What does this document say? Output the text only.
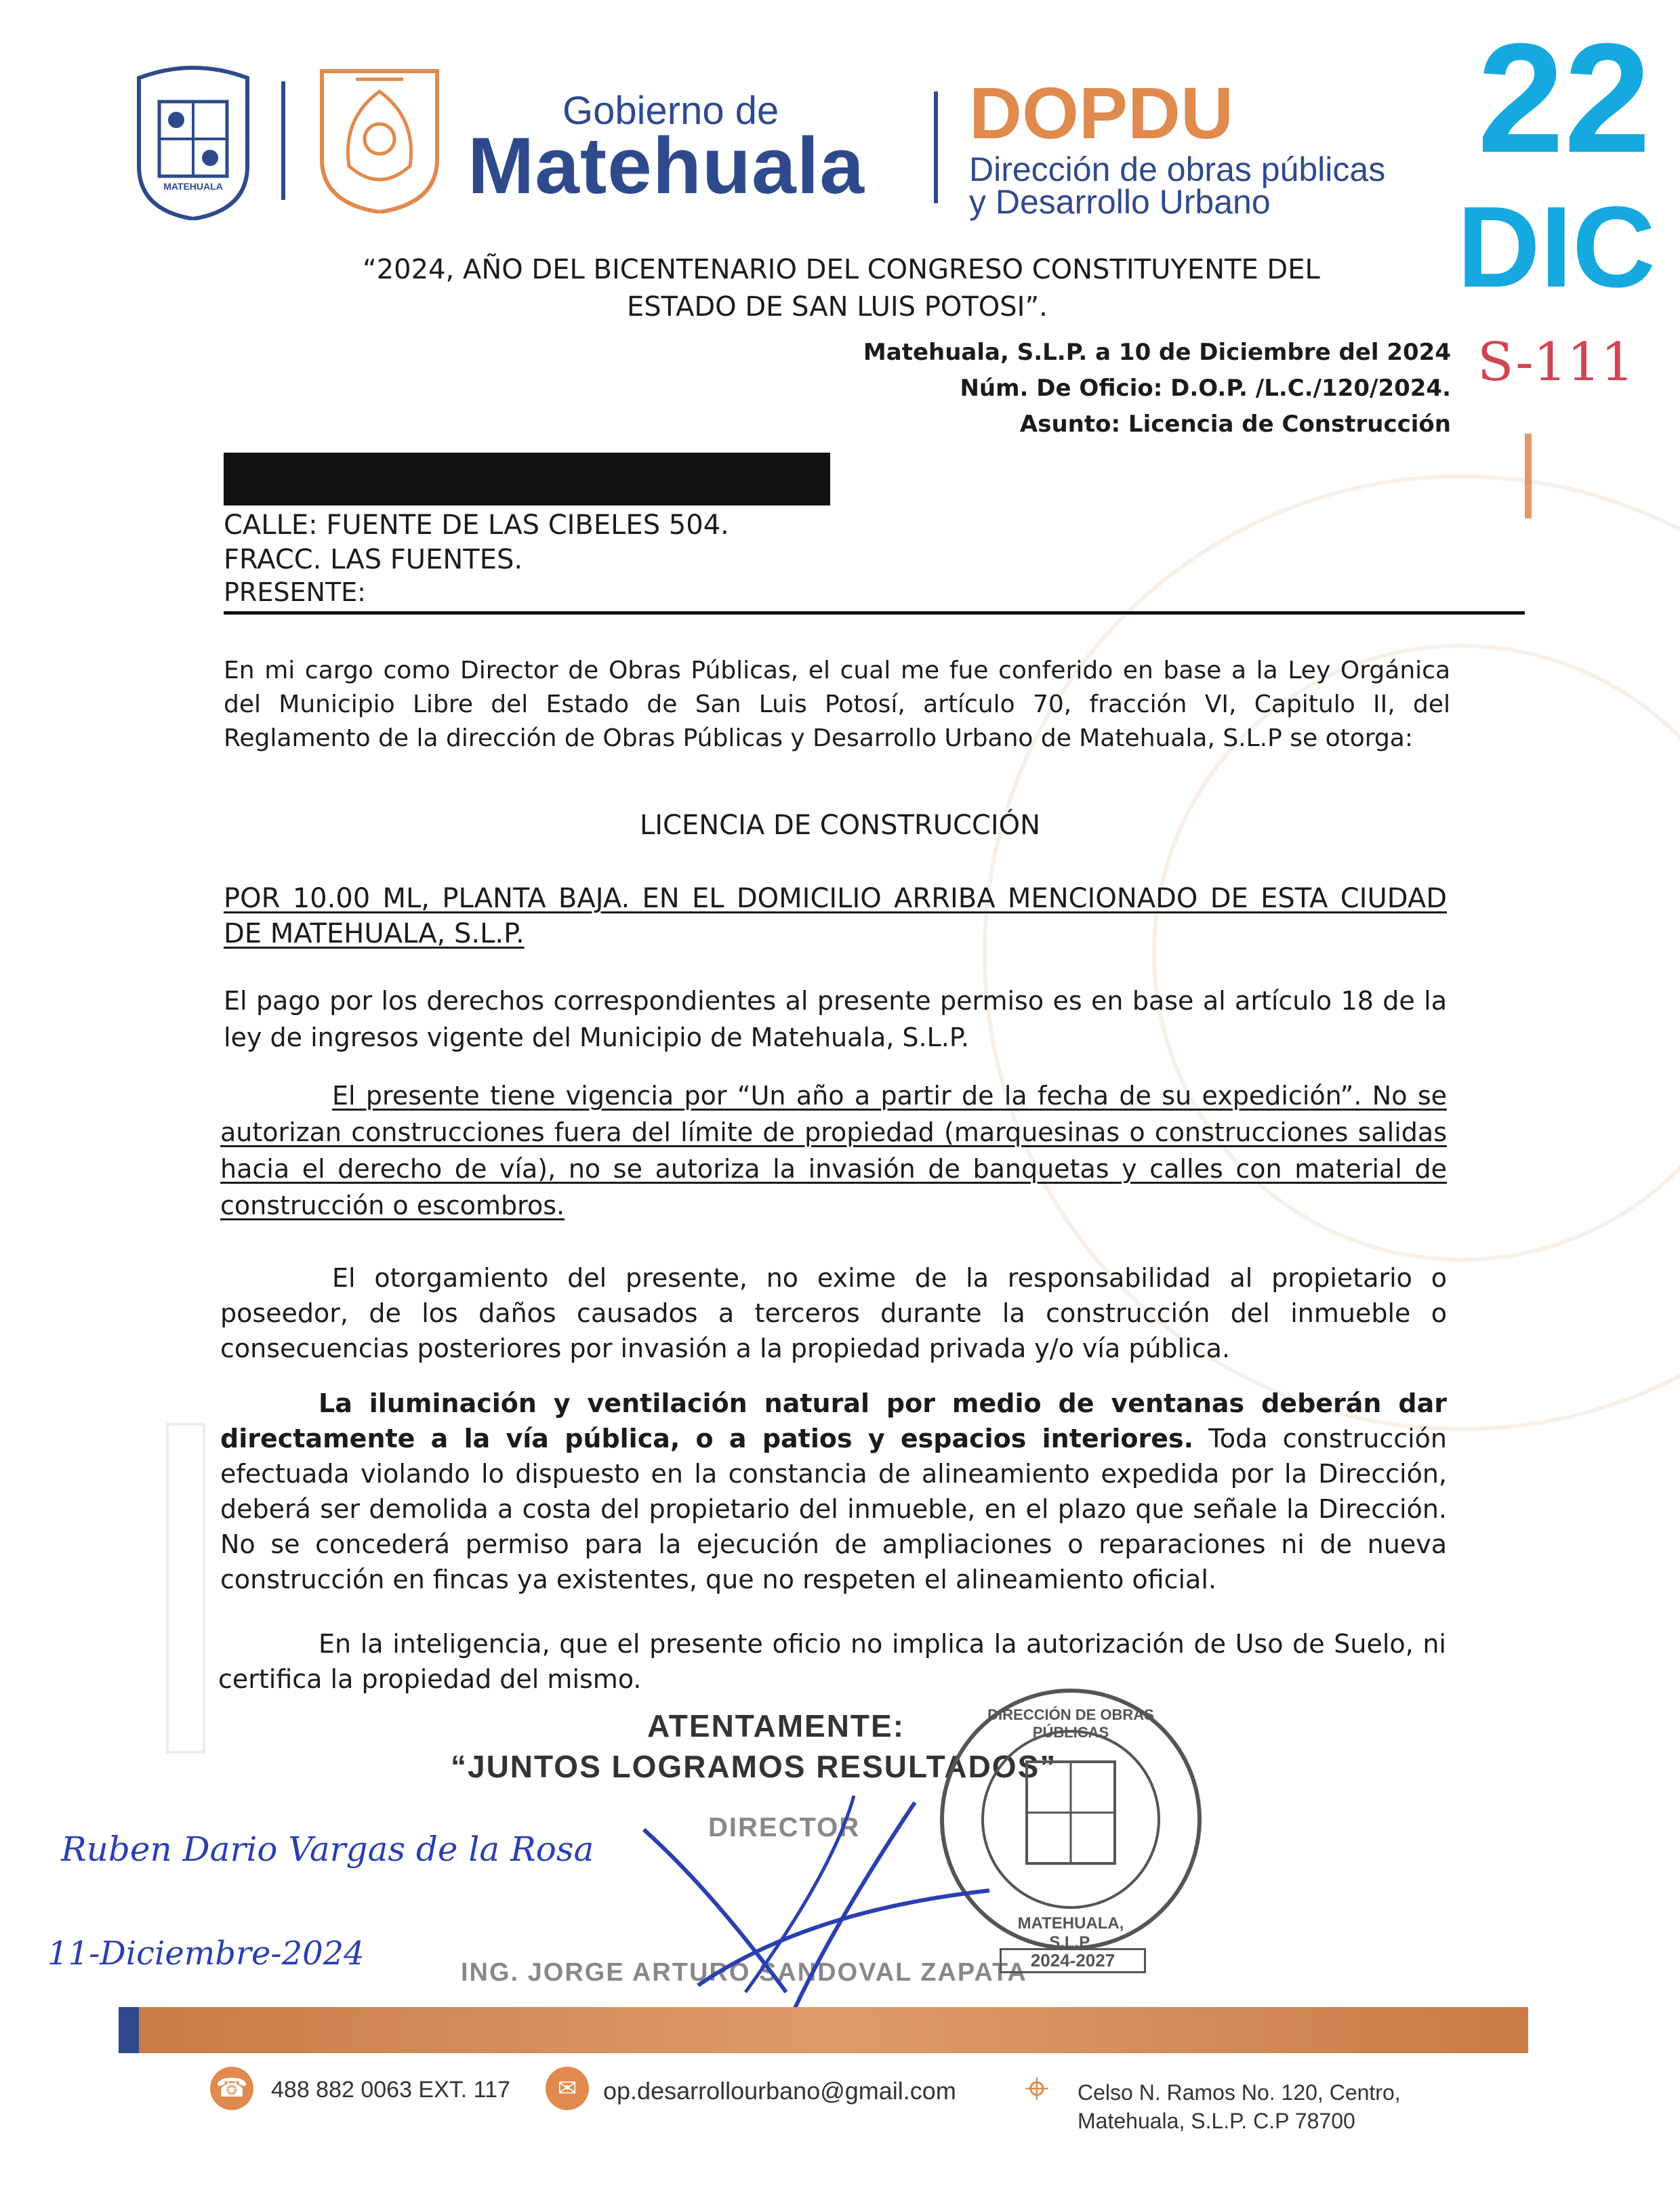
MATEHUALA
Gobierno de
Matehuala
DOPDU
Dirección de obras públicas
y Desarrollo Urbano
22
DIC
S-111
“2024, AÑO DEL BICENTENARIO DEL CONGRESO CONSTITUYENTE DEL
ESTADO DE SAN LUIS POTOSI”.
Matehuala, S.L.P. a 10 de Diciembre del 2024
Núm. De Oficio: D.O.P. /L.C./120/2024.
Asunto: Licencia de Construcción
CALLE: FUENTE DE LAS CIBELES 504.
FRACC. LAS FUENTES.
PRESENTE:
En mi cargo como Director de Obras Públicas, el cual me fue conferido en base a la Ley Orgánica del Municipio Libre del Estado de San Luis Potosí, artículo 70, fracción VI, Capitulo II, del Reglamento de la dirección de Obras Públicas y Desarrollo Urbano de Matehuala, S.L.P se otorga:
LICENCIA DE CONSTRUCCIÓN
POR 10.00 ML, PLANTA BAJA. EN EL DOMICILIO ARRIBA MENCIONADO DE ESTA CIUDAD DE MATEHUALA, S.L.P.
El pago por los derechos correspondientes al presente permiso es en base al artículo 18 de la ley de ingresos vigente del Municipio de Matehuala, S.L.P.
El presente tiene vigencia por “Un año a partir de la fecha de su expedición”. No se autorizan construcciones fuera del límite de propiedad (marquesinas o construcciones salidas hacia el derecho de vía), no se autoriza la invasión de banquetas y calles con material de construcción o escombros.
El otorgamiento del presente, no exime de la responsabilidad al propietario o poseedor, de los daños causados a terceros durante la construcción del inmueble o consecuencias posteriores por invasión a la propiedad privada y/o vía pública.
La iluminación y ventilación natural por medio de ventanas deberán dar directamente a la vía pública, o a patios y espacios interiores. Toda construcción efectuada violando lo dispuesto en la constancia de alineamiento expedida por la Dirección, deberá ser demolida a costa del propietario del inmueble, en el plazo que señale la Dirección. No se concederá permiso para la ejecución de ampliaciones o reparaciones ni de nueva construcción en fincas ya existentes, que no respeten el alineamiento oficial.
En la inteligencia, que el presente oficio no implica la autorización de Uso de Suelo, ni certifica la propiedad del mismo.
ATENTAMENTE:
“JUNTOS LOGRAMOS RESULTADOS”
DIRECTOR
ING. JORGE ARTURO SANDOVAL ZAPATA
DIRECCIÓN DE OBRAS PÚBLICAS
MATEHUALA, S.L.P.
2024-2027
Ruben Dario Vargas de la Rosa
11-Diciembre-2024
☎ 488 882 0063 EXT. 117	✉	op.desarrollourbano@gmail.com ⌖	Celso N. Ramos No. 120, Centro,
Matehuala, S.L.P. C.P 78700
